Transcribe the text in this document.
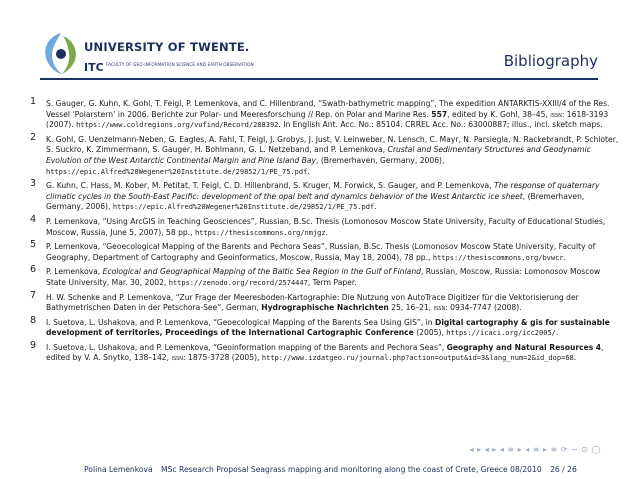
UNIVERSITY OF TWENTE.
ITC FACULTY OF GEO-INFORMATION SCIENCE AND EARTH OBSERVATION	Bibliography
1 S. Gauger, G. Kuhn, K. Gohl, T. Feigl, P. Lemenkova, and C. Hillenbrand, “Swath-bathymetric mapping”, The expedition ANTARKTIS-XXIII/4 of the Res. Vessel ‘Polarstern’ in 2006. Berichte zur Polar- und Meeresforschung // Rep. on Polar and Marine Res. 557, edited by K. Gohl, 38–45, issn: 1618-3193 (2007). https://www.coldregions.org/vufind/Record/288392. In English Ant. Acc. No.: 85104. CRREL Acc. No.: 63000887; illus., incl. sketch maps.
2 K. Gohl, G. Uenzelmann-Neben, G. Eagles, A. Fahl, T. Feigl, J. Grobys, J. Just, V. Leinweber, N. Lensch, C. Mayr, N. Parsiegla, N. Rackebrandt, P. Schloter, S. Suckro, K. Zimmermann, S. Gauger, H. Bohlmann, G. L. Netzeband, and P. Lemenkova, Crustal and Sedimentary Structures and Geodynamic Evolution of the West Antarctic Continental Margin and Pine Island Bay, (Bremerhaven, Germany, 2006), https://epic.Alfred%20Wegener%20Institute.de/29852/1/PE_75.pdf.
3 G. Kuhn, C. Hass, M. Kober, M. Petitat, T. Feigl, C. D. Hillenbrand, S. Kruger, M. Forwick, S. Gauger, and P. Lemenkova, The response of quaternary climatic cycles in the South-East Pacific: development of the opal belt and dynamics behavior of the West Antarctic ice sheet, (Bremerhaven, Germany, 2006), https://epic.Alfred%20Wegener%20Institute.de/29852/1/PE_75.pdf.
4 P. Lemenkova, “Using ArcGIS in Teaching Geosciences”, Russian, B.Sc. Thesis (Lomonosov Moscow State University, Faculty of Educational Studies, Moscow, Russia, June 5, 2007), 58 pp., https://thesiscommons.org/nmjgz.
5 P. Lemenkova, “Geoecological Mapping of the Barents and Pechora Seas”, Russian, B.Sc. Thesis (Lomonosov Moscow State University, Faculty of Geography, Department of Cartography and Geoinformatics, Moscow, Russia, May 18, 2004), 78 pp., https://thesiscommons.org/bvwcr.
6 P. Lemenkova, Ecological and Geographical Mapping of the Baltic Sea Region in the Gulf of Finland, Russian, Moscow, Russia: Lomonosov Moscow State University, Mar. 30, 2002, https://zenodo.org/record/2574447, Term Paper.
7 H. W. Schenke and P. Lemenkova, “Zur Frage der Meeresboden-Kartographie: Die Nutzung von AutoTrace Digitizer für die Vektorisierung der Bathymetrischen Daten in der Petschora-See”, German, Hydrographische Nachrichten 25, 16–21, issn: 0934-7747 (2008).
8 I. Suetova, L. Ushakova, and P. Lemenkova, “Geoecological Mapping of the Barents Sea Using GIS”, in Digital cartography & gis for sustainable development of territories, Proceedings of the International Cartographic Conference (2005), https://icaci.org/icc2005/.
9 I. Suetova, L. Ushakova, and P. Lemenkova, “Geoinformation mapping of the Barents and Pechora Seas”, Geography and Natural Resources 4, edited by V. A. Snytko, 138–142, issn: 1875-3728 (2005), http://www.izdatgeo.ru/journal.php?action=output&id=3&lang_num=2&id_dop=68.
◂ ▸ ◂ ▸ ◂ ≡ ▸ ◂ ≡ ▸ ≡ ⟳ ∽ ⊙ ◯
Polina Lemenkova MSc Research Proposal Seagrass mapping and monitoring along the coast of Crete, Greece 08/2010 26 / 26
